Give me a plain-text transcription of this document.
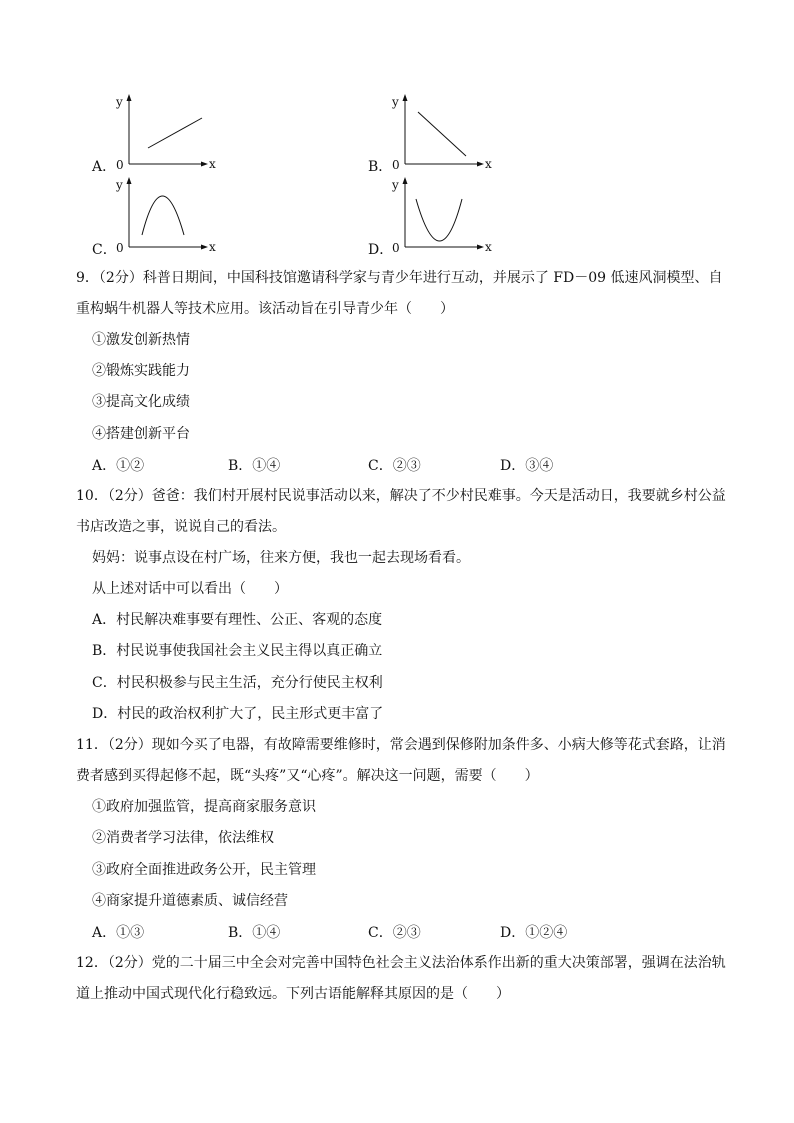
A．
y
x
0	B．
y
x
0
C．
y
x
0	D．
y
x
0
9．（2分）科普日期间，中国科技馆邀请科学家与青少年进行互动，并展示了 FD－09 低速风洞模型、自
重构蜗牛机器人等技术应用。该活动旨在引导青少年（　　）
①激发创新热情
②锻炼实践能力
③提高文化成绩
④搭建创新平台
A．①②	B．①④	C．②③	D．③④
10．（2分）爸爸：我们村开展村民说事活动以来，解决了不少村民难事。今天是活动日，我要就乡村公益
书店改造之事，说说自己的看法。
妈妈：说事点设在村广场，往来方便，我也一起去现场看看。
从上述对话中可以看出（　　）
A．村民解决难事要有理性、公正、客观的态度
B．村民说事使我国社会主义民主得以真正确立
C．村民积极参与民主生活，充分行使民主权利
D．村民的政治权利扩大了，民主形式更丰富了
11．（2分）现如今买了电器，有故障需要维修时，常会遇到保修附加条件多、小病大修等花式套路，让消
费者感到买得起修不起，既“头疼”又“心疼”。解决这一问题，需要（　　）
①政府加强监管，提高商家服务意识
②消费者学习法律，依法维权
③政府全面推进政务公开，民主管理
④商家提升道德素质、诚信经营
A．①③	B．①④	C．②③	D．①②④
12．（2分）党的二十届三中全会对完善中国特色社会主义法治体系作出新的重大决策部署，强调在法治轨
道上推动中国式现代化行稳致远。下列古语能解释其原因的是（　　）
